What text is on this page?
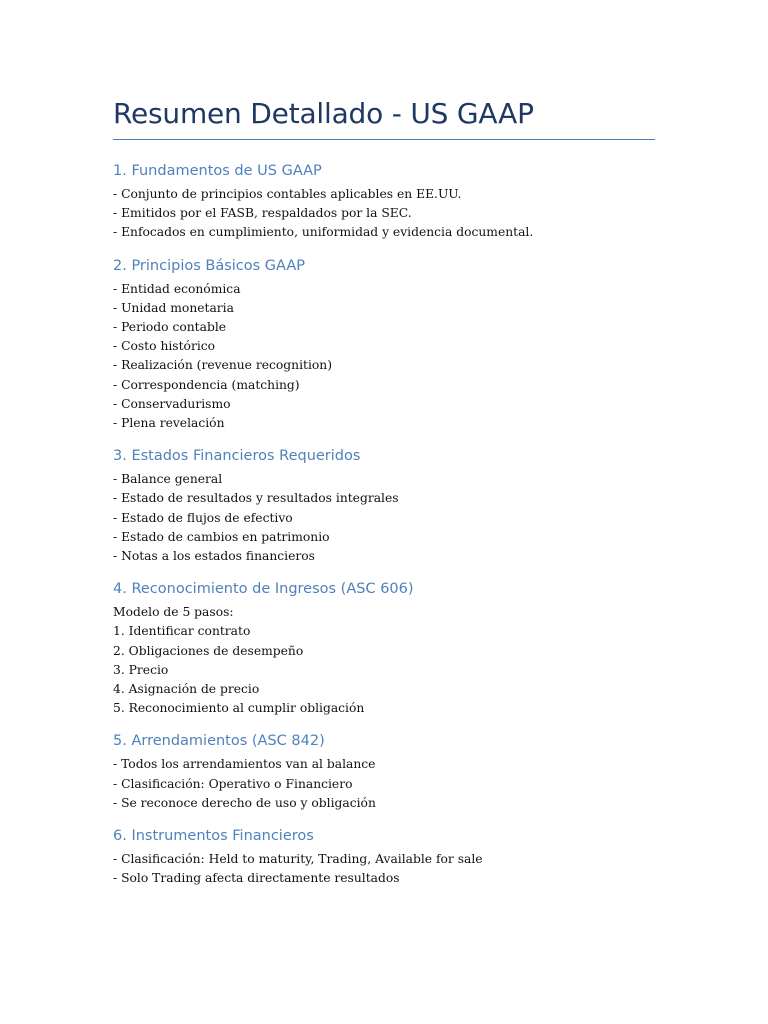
Resumen Detallado - US GAAP
1. Fundamentos de US GAAP

- Conjunto de principios contables aplicables en EE.UU.

- Emitidos por el FASB, respaldados por la SEC.

- Enfocados en cumplimiento, uniformidad y evidencia documental.

2. Principios Básicos GAAP

- Entidad económica

- Unidad monetaria

- Periodo contable

- Costo histórico

- Realización (revenue recognition)

- Correspondencia (matching)

- Conservadurismo

- Plena revelación

3. Estados Financieros Requeridos

- Balance general

- Estado de resultados y resultados integrales

- Estado de flujos de efectivo

- Estado de cambios en patrimonio

- Notas a los estados financieros

4. Reconocimiento de Ingresos (ASC 606)

Modelo de 5 pasos:

1. Identificar contrato

2. Obligaciones de desempeño

3. Precio

4. Asignación de precio

5. Reconocimiento al cumplir obligación

5. Arrendamientos (ASC 842)

- Todos los arrendamientos van al balance

- Clasificación: Operativo o Financiero

- Se reconoce derecho de uso y obligación

6. Instrumentos Financieros

- Clasificación: Held to maturity, Trading, Available for sale

- Solo Trading afecta directamente resultados
